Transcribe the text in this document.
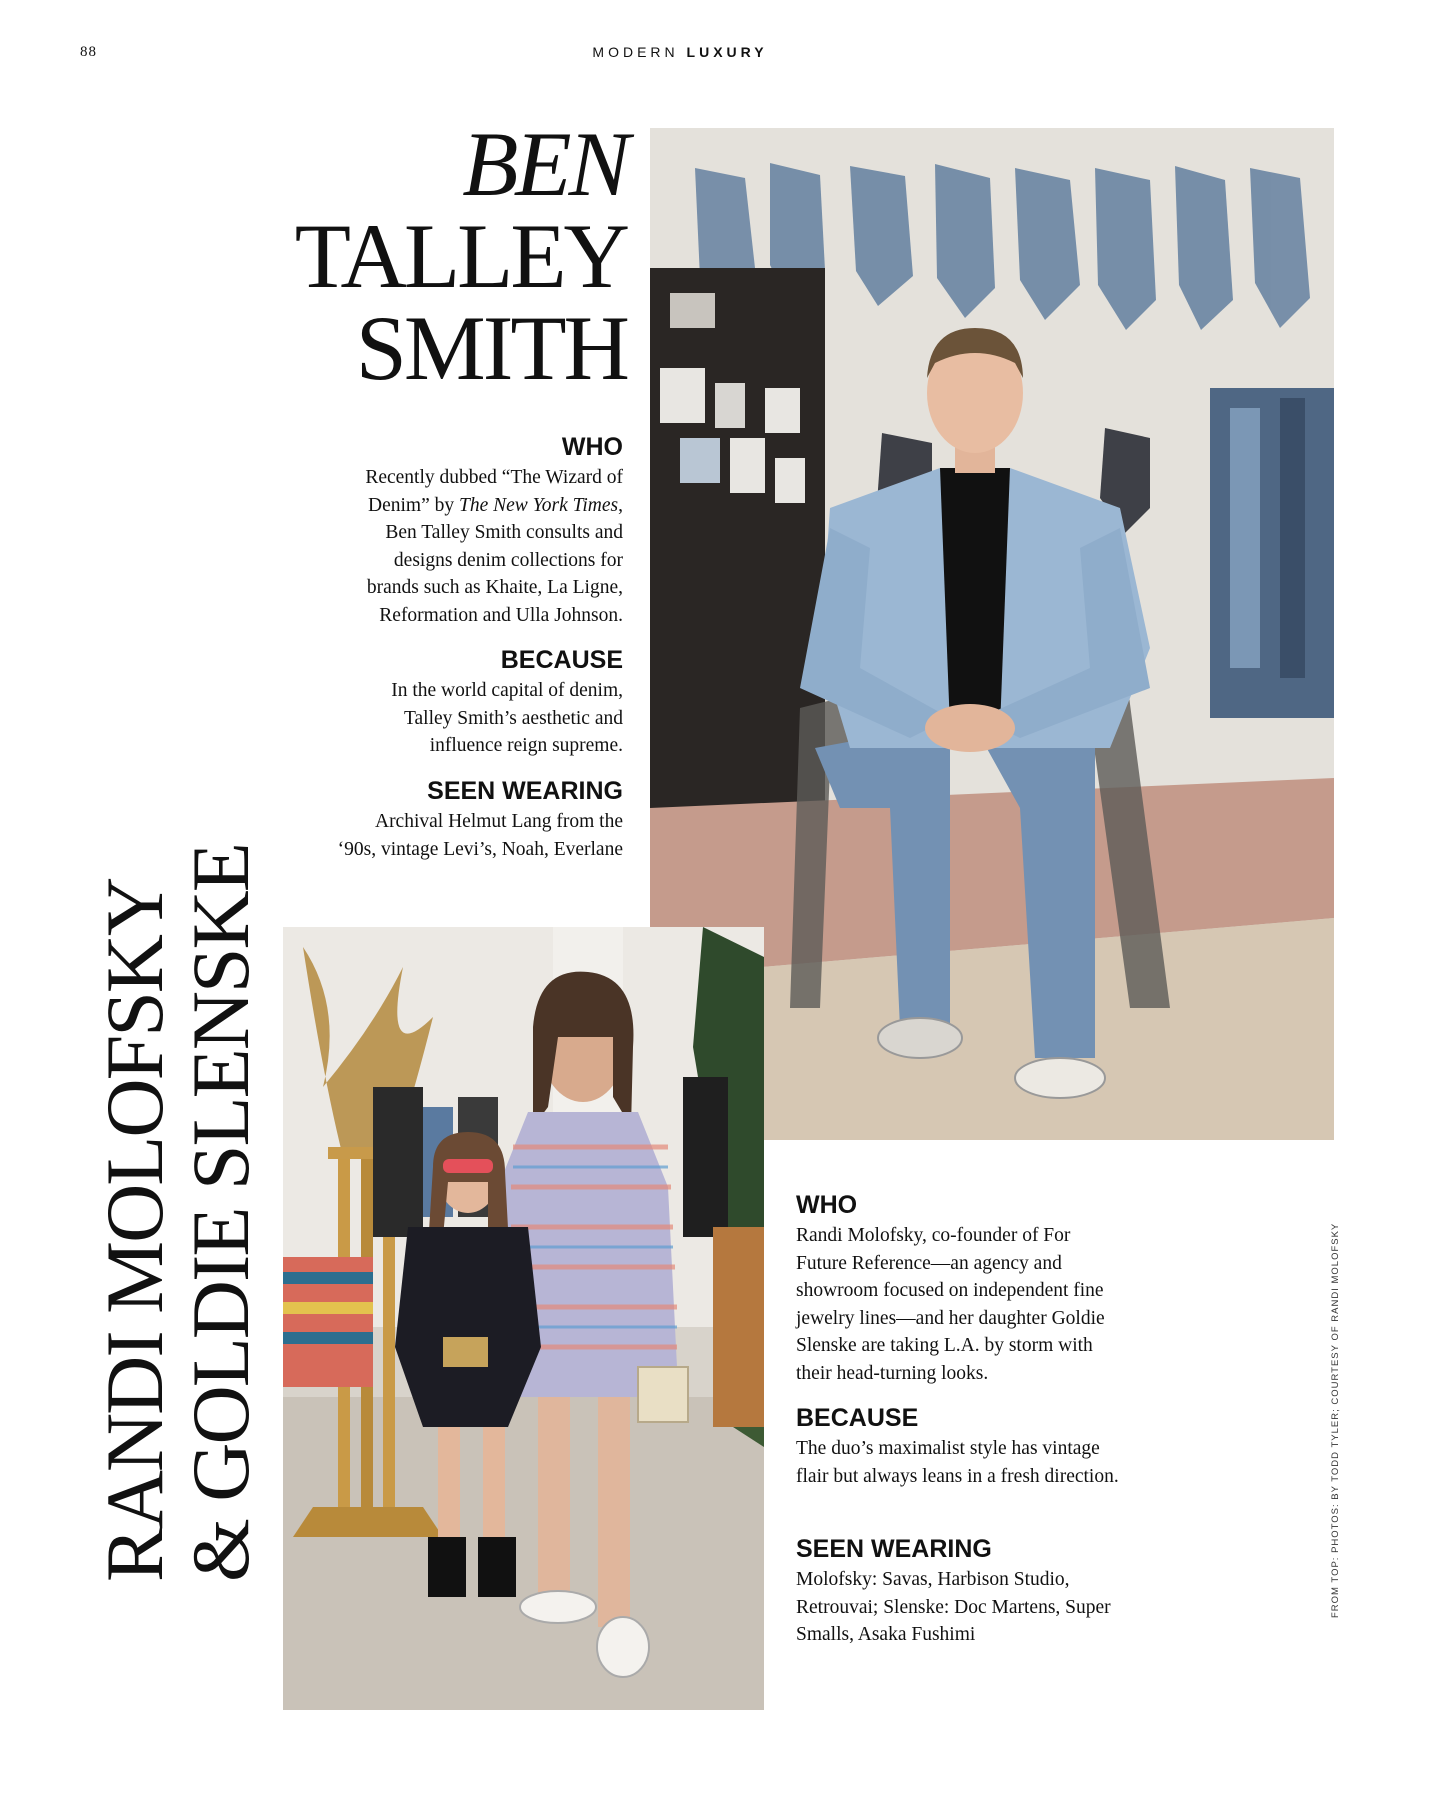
88	MODERN LUXURY
BEN
TALLEY
SMITH
WHO

Recently dubbed “The Wizard of
Denim” by The New York Times,
Ben Talley Smith consults and
designs denim collections for
brands such as Khaite, La Ligne,
Reformation and Ulla Johnson.

BECAUSE

In the world capital of denim,
Talley Smith’s aesthetic and
influence reign supreme.

SEEN WEARING

Archival Helmut Lang from the
‘90s, vintage Levi’s, Noah, Everlane

RANDI MOLOFSKY
& GOLDIE SLENSKE	WHO

Randi Molofsky, co-founder of For
Future Reference—an agency and
showroom focused on independent fine
jewelry lines—and her daughter Goldie
Slenske are taking L.A. by storm with
their head-turning looks.

BECAUSE

The duo’s maximalist style has vintage
flair but always leans in a fresh direction.

SEEN WEARING

Molofsky: Savas, Harbison Studio,
Retrouvai; Slenske: Doc Martens, Super
Smalls, Asaka Fushimi

FROM TOP: PHOTOS: BY TODD TYLER; COURTESY OF RANDI MOLOFSKY
